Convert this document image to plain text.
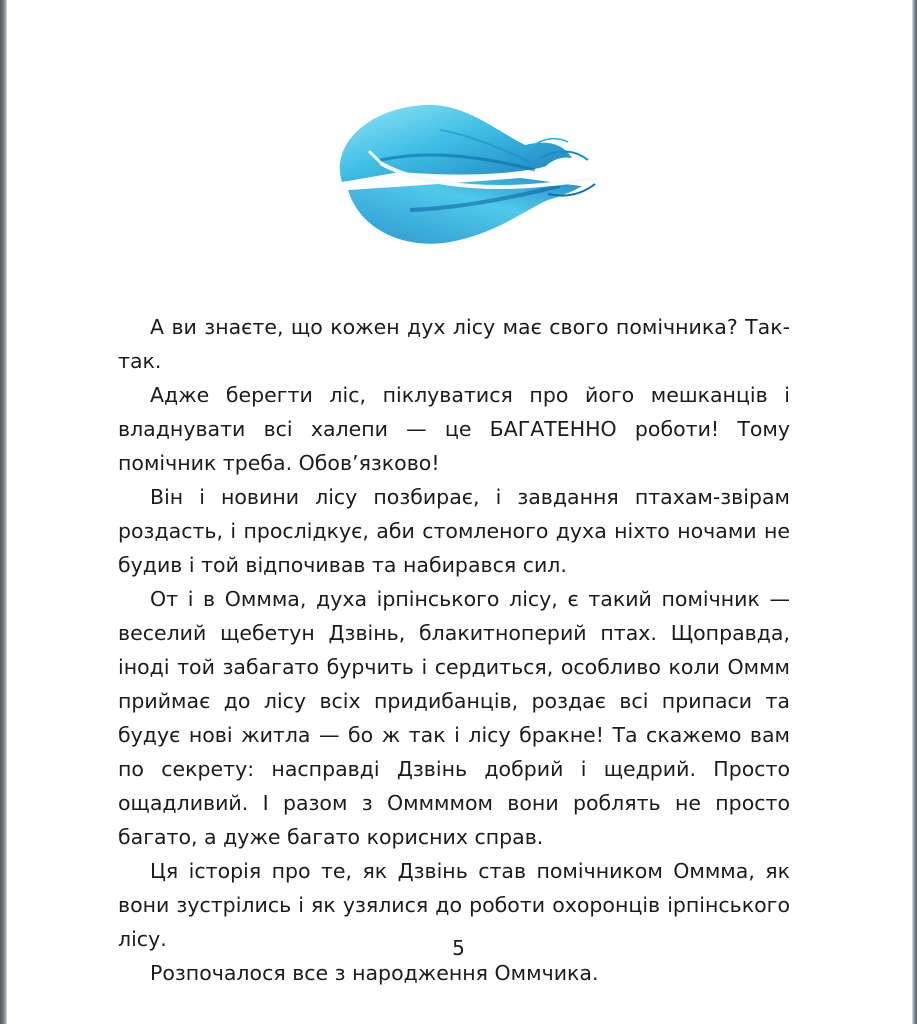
А ви знаєте, що кожен дух лісу має свого помічника? Так-так.

Адже берегти ліс, піклуватися про його мешканців і владнувати всі халепи — це БАГАТЕННО роботи! Тому помічник треба. Обов’язково!

Він і новини лісу позбирає, і завдання птахам-звірам роздасть, і прослідкує, аби стомленого духа ніхто ночами не будив і той відпочивав та набирався сил.

От і в Оммма, духа ірпінського лісу, є такий помічник — веселий щебетун Дзвінь, блакитноперий птах. Щоправда, іноді той забагато бурчить і сердиться, особливо коли Оммм приймає до лісу всіх придибанців, роздає всі припаси та будує нові житла — бо ж так і лісу бракне! Та скажемо вам по секрету: насправді Дзвінь добрий і щедрий. Просто ощадливий. І разом з Оммммом вони роблять не просто багато, а дуже багато корисних справ.

Ця історія про те, як Дзвінь став помічником Оммма, як вони зустрілись і як узялися до роботи охоронців ірпінського лісу.

Розпочалося все з народження Оммчика.

5
